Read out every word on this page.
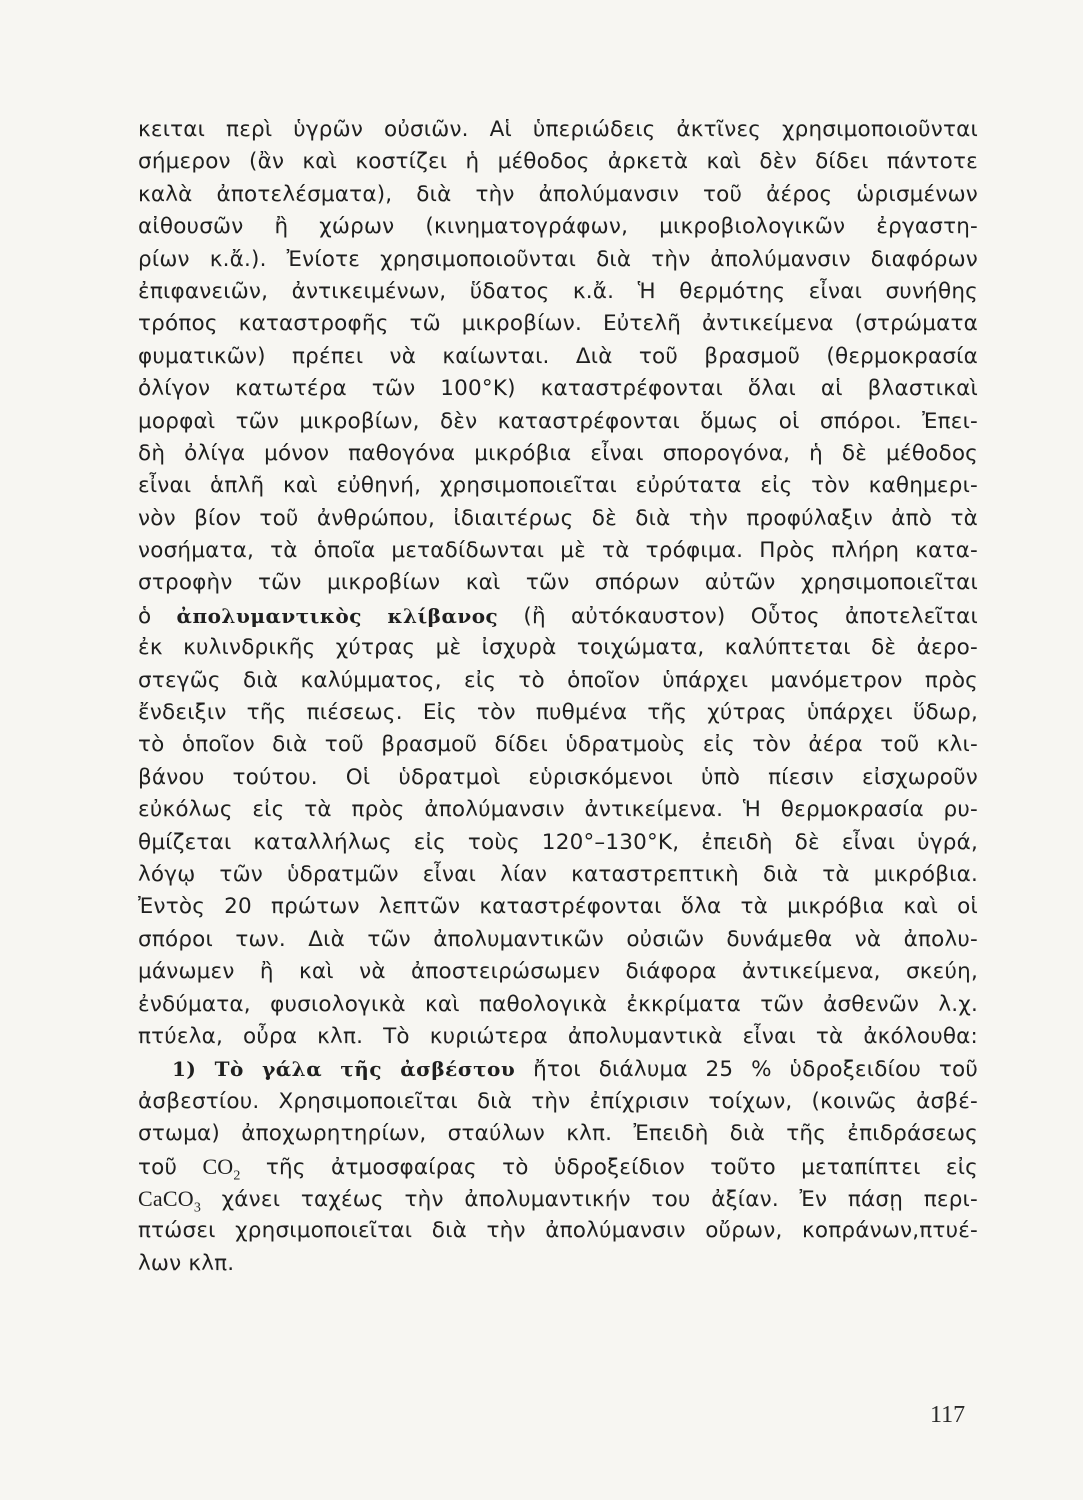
κειται περὶ ὑγρῶν οὐσιῶν. Αἱ ὑπεριώδεις ἀκτῖνες χρησιμοποιοῦνται
σήμερον (ἂν καὶ κοστίζει ἡ μέθοδος ἀρκετὰ καὶ δὲν δίδει πάντοτε
καλὰ ἀποτελέσματα), διὰ τὴν ἀπολύμανσιν τοῦ ἀέρος ὡρισμένων
αἰθουσῶν ἢ χώρων (κινηματογράφων, μικροβιολογικῶν ἐργαστη-
ρίων κ.ἄ.). Ἐνίοτε χρησιμοποιοῦνται διὰ τὴν ἀπολύμανσιν διαφόρων
ἐπιφανειῶν, ἀντικειμένων, ὕδατος κ.ἄ. Ἡ θερμότης εἶναι συνήθης
τρόπος καταστροφῆς τῶ μικροβίων. Εὐτελῆ ἀντικείμενα (στρώματα
φυματικῶν) πρέπει νὰ καίωνται. Διὰ τοῦ βρασμοῦ (θερμοκρασία
ὀλίγον κατωτέρα τῶν 100°Κ) καταστρέφονται ὅλαι αἱ βλαστικαὶ
μορφαὶ τῶν μικροβίων, δὲν καταστρέφονται ὅμως οἱ σπόροι. Ἐπει-
δὴ ὀλίγα μόνον παθογόνα μικρόβια εἶναι σπορογόνα, ἡ δὲ μέθοδος
εἶναι ἁπλῆ καὶ εὐθηνή, χρησιμοποιεῖται εὐρύτατα εἰς τὸν καθημερι-
νὸν βίον τοῦ ἀνθρώπου, ἰδιαιτέρως δὲ διὰ τὴν προφύλαξιν ἀπὸ τὰ
νοσήματα, τὰ ὁποῖα μεταδίδωνται μὲ τὰ τρόφιμα. Πρὸς πλήρη κατα-
στροφὴν τῶν μικροβίων καὶ τῶν σπόρων αὐτῶν χρησιμοποιεῖται
ὁ ἀπολυμαντικὸς κλίβανος (ἢ αὐτόκαυστον) Οὗτος ἀποτελεῖται
ἐκ κυλινδρικῆς χύτρας μὲ ἰσχυρὰ τοιχώματα, καλύπτεται δὲ ἀερο-
στεγῶς διὰ καλύμματος, εἰς τὸ ὁποῖον ὑπάρχει μανόμετρον πρὸς
ἔνδειξιν τῆς πιέσεως. Εἰς τὸν πυθμένα τῆς χύτρας ὑπάρχει ὕδωρ,
τὸ ὁποῖον διὰ τοῦ βρασμοῦ δίδει ὑδρατμοὺς εἰς τὸν ἀέρα τοῦ κλι-
βάνου τούτου. Οἱ ὑδρατμοὶ εὑρισκόμενοι ὑπὸ πίεσιν εἰσχωροῦν
εὐκόλως εἰς τὰ πρὸς ἀπολύμανσιν ἀντικείμενα. Ἡ θερμοκρασία ρυ-
θμίζεται καταλλήλως εἰς τοὺς 120°–130°Κ, ἐπειδὴ δὲ εἶναι ὑγρά,
λόγῳ τῶν ὑδρατμῶν εἶναι λίαν καταστρεπτικὴ διὰ τὰ μικρόβια.
Ἐντὸς 20 πρώτων λεπτῶν καταστρέφονται ὅλα τὰ μικρόβια καὶ οἱ
σπόροι των. Διὰ τῶν ἀπολυμαντικῶν οὐσιῶν δυνάμεθα νὰ ἀπολυ-
μάνωμεν ἢ καὶ νὰ ἀποστειρώσωμεν διάφορα ἀντικείμενα, σκεύη,
ἐνδύματα, φυσιολογικὰ καὶ παθολογικὰ ἐκκρίματα τῶν ἀσθενῶν λ.χ.
πτύελα, οὖρα κλπ. Τὸ κυριώτερα ἀπολυμαντικὰ εἶναι τὰ ἀκόλουθα:
1) Τὸ γάλα τῆς ἀσβέστου ἤτοι διάλυμα 25 % ὑδροξειδίου τοῦ
ἀσβεστίου. Χρησιμοποιεῖται διὰ τὴν ἐπίχρισιν τοίχων, (κοινῶς ἀσβέ-
στωμα) ἀποχωρητηρίων, σταύλων κλπ. Ἐπειδὴ διὰ τῆς ἐπιδράσεως
τοῦ $CO_2$ τῆς ἀτμοσφαίρας τὸ ὑδροξείδιον τοῦτο μεταπίπτει εἰς
CaCO$_3$ χάνει ταχέως τὴν ἀπολυμαντικήν του ἀξίαν. Ἐν πάσῃ περι-
πτώσει χρησιμοποιεῖται διὰ τὴν ἀπολύμανσιν οὔρων, κοπράνων,πτυέ-
λων κλπ.
117
